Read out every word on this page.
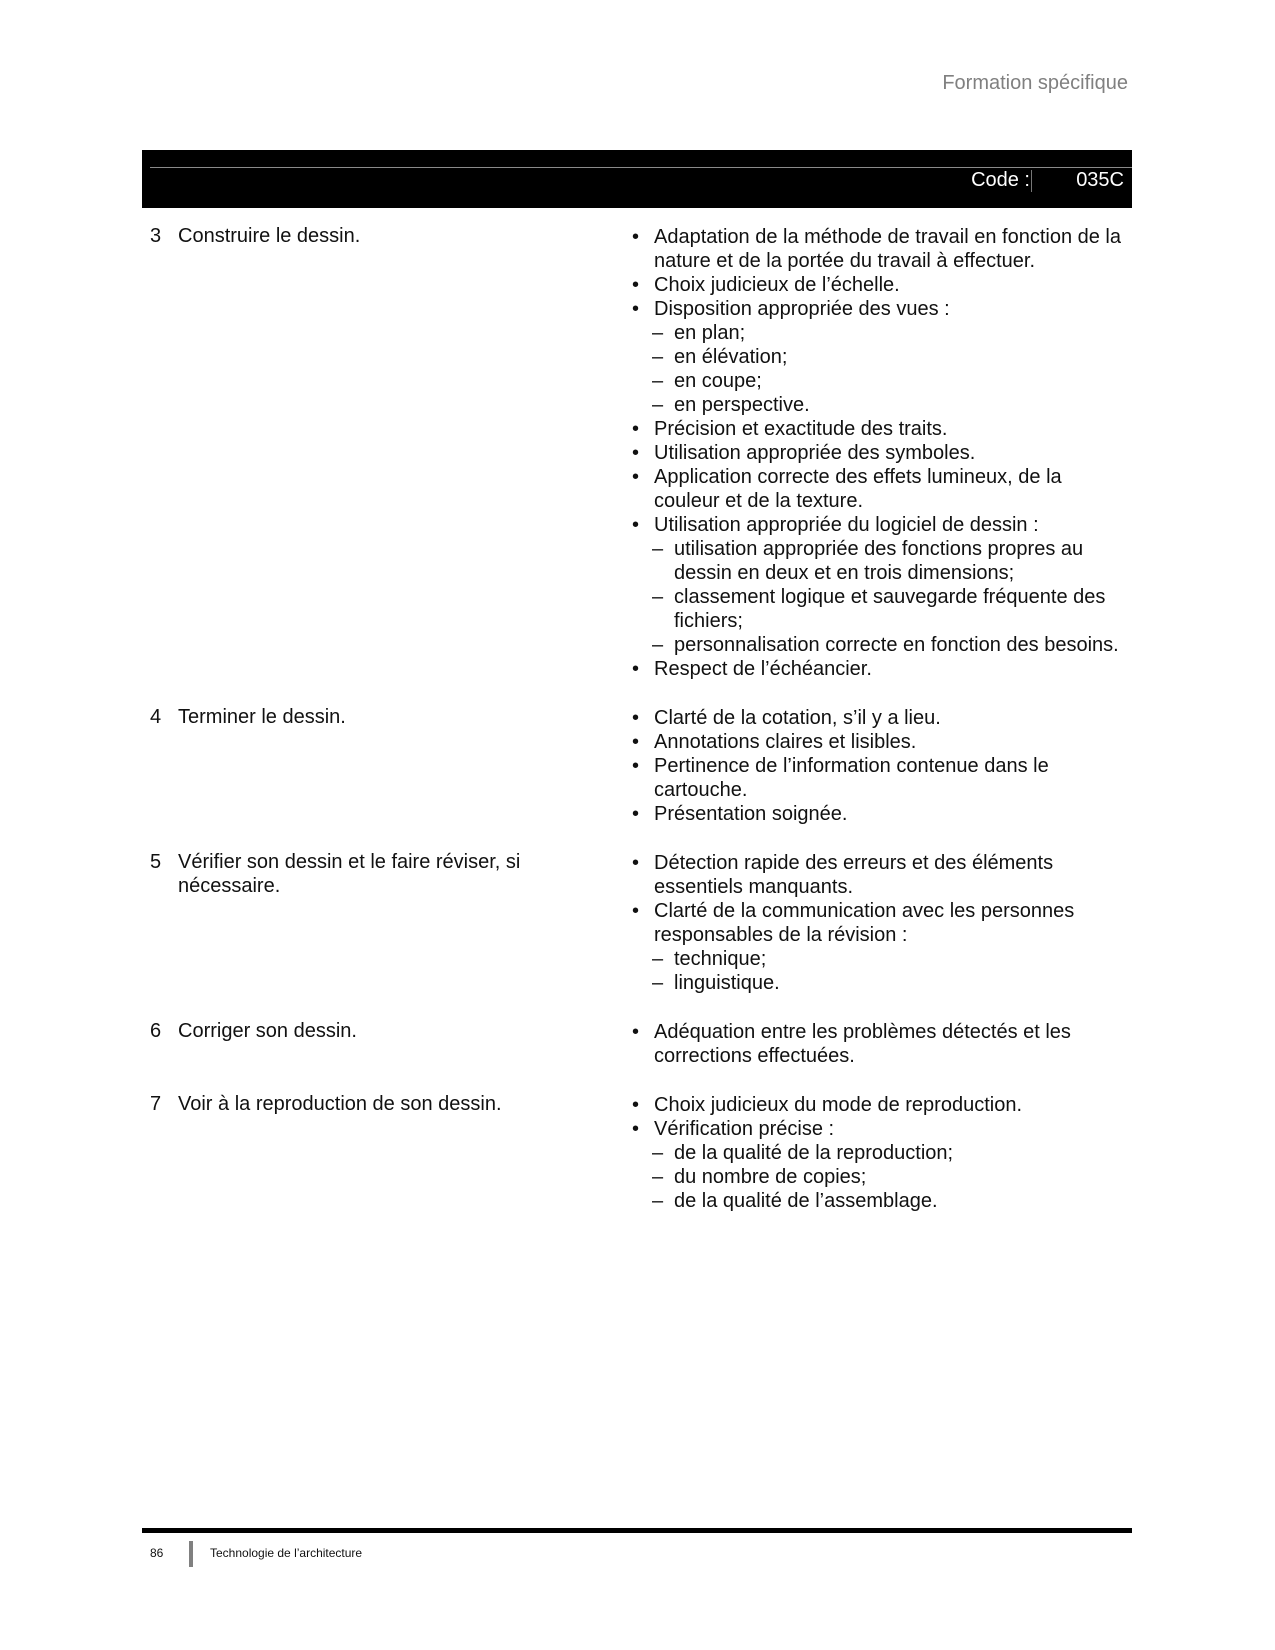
Formation spécifique
Code : 035C
3 Construire le dessin.	• Adaptation de la méthode de travail en fonction de la nature et de la portée du travail à effectuer.
• Choix judicieux de l’échelle.
• Disposition appropriée des vues :
– en plan;
– en élévation;
– en coupe;
– en perspective.
• Précision et exactitude des traits.
• Utilisation appropriée des symboles.
• Application correcte des effets lumineux, de la couleur et de la texture.
• Utilisation appropriée du logiciel de dessin :
– utilisation appropriée des fonctions propres au dessin en deux et en trois dimensions;
– classement logique et sauvegarde fréquente des fichiers;
– personnalisation correcte en fonction des besoins.
• Respect de l’échéancier.
4 Terminer le dessin.	• Clarté de la cotation, s’il y a lieu.
• Annotations claires et lisibles.
• Pertinence de l’information contenue dans le cartouche.
• Présentation soignée.
5 Vérifier son dessin et le faire réviser, si nécessaire.
• Détection rapide des erreurs et des éléments essentiels manquants.
• Clarté de la communication avec les personnes responsables de la révision :
– technique;
– linguistique.
6 Corriger son dessin.	• Adéquation entre les problèmes détectés et les corrections effectuées.
7 Voir à la reproduction de son dessin.	• Choix judicieux du mode de reproduction.
• Vérification précise :
– de la qualité de la reproduction;
– du nombre de copies;
– de la qualité de l’assemblage.
86	Technologie de l’architecture
